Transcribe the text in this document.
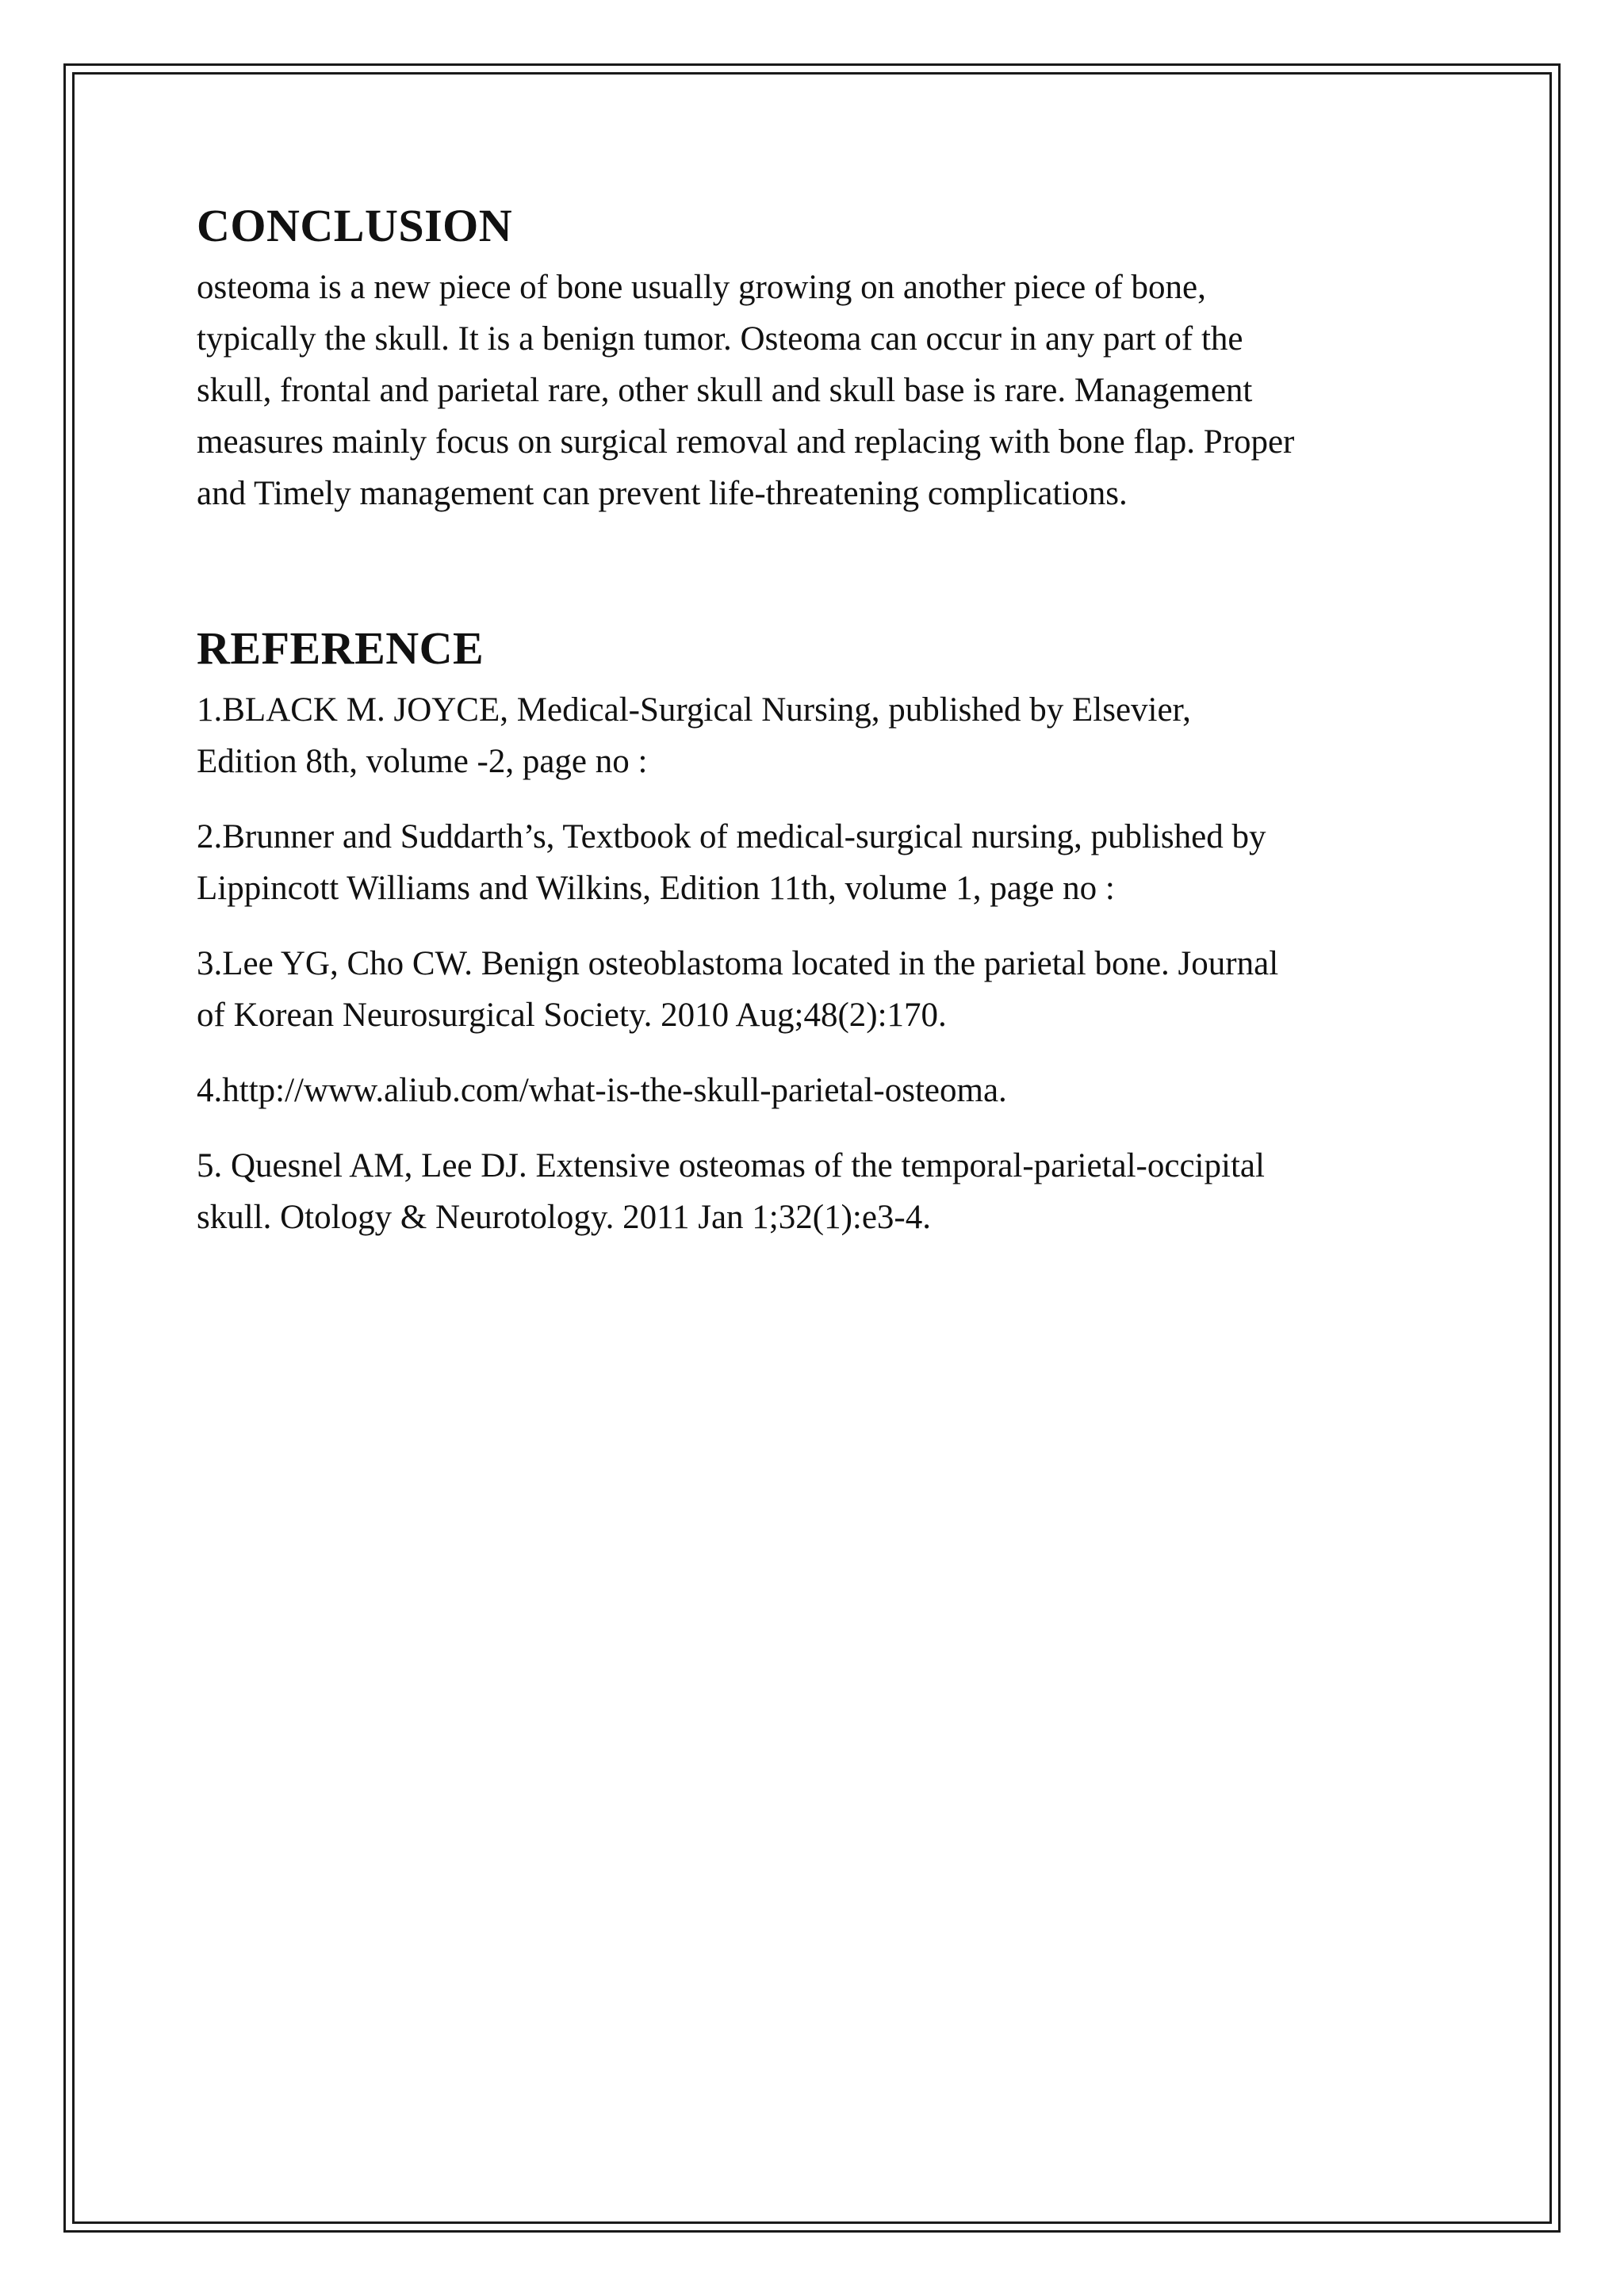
CONCLUSION

osteoma is a new piece of bone usually growing on another piece of bone,
typically the skull. It is a benign tumor. Osteoma can occur in any part of the
skull, frontal and parietal rare, other skull and skull base is rare. Management
measures mainly focus on surgical removal and replacing with bone flap. Proper
and Timely management can prevent life-threatening complications.

REFERENCE
1.BLACK M. JOYCE, Medical-Surgical Nursing, published by Elsevier,
Edition 8th, volume -2, page no :
2.Brunner and Suddarth’s, Textbook of medical-surgical nursing, published by
Lippincott Williams and Wilkins, Edition 11th, volume 1, page no :
3.Lee YG, Cho CW. Benign osteoblastoma located in the parietal bone. Journal
of Korean Neurosurgical Society. 2010 Aug;48(2):170.
4.http://www.aliub.com/what-is-the-skull-parietal-osteoma.
5. Quesnel AM, Lee DJ. Extensive osteomas of the temporal-parietal-occipital
skull. Otology & Neurotology. 2011 Jan 1;32(1):e3-4.
